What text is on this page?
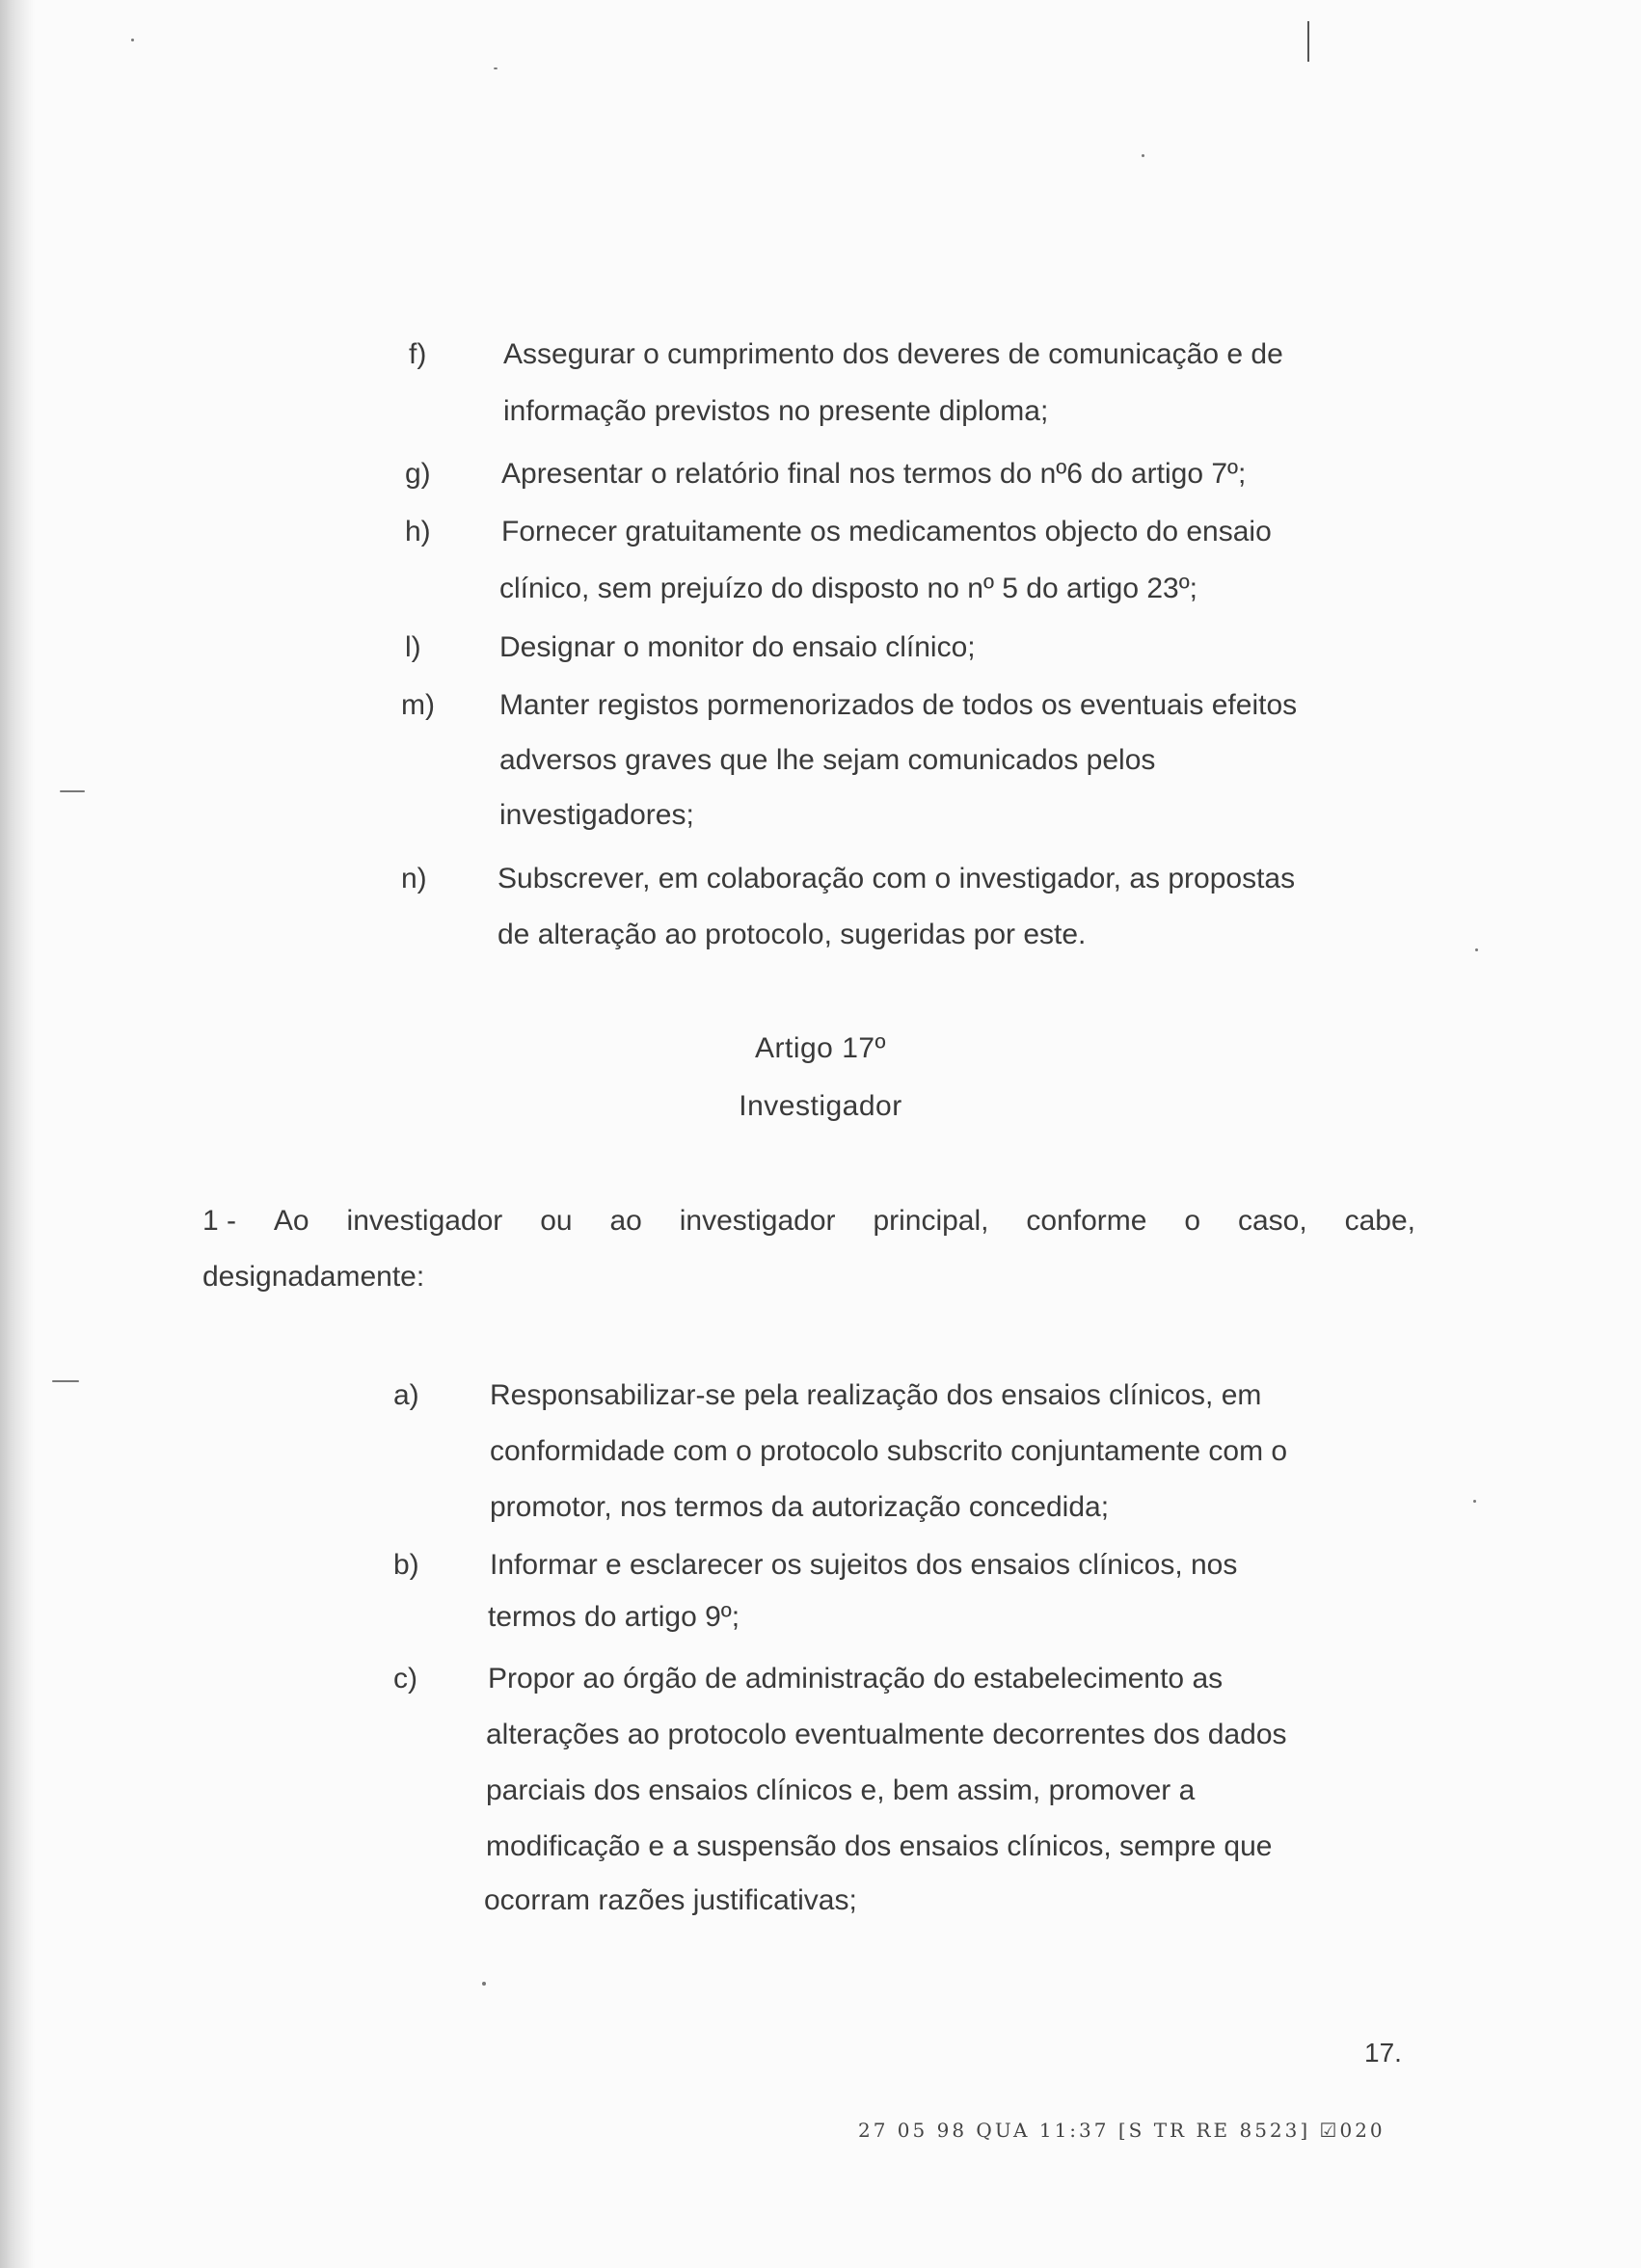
f)	Assegurar o cumprimento dos deveres de comunicação e de
informação previstos no presente diploma;
g) Apresentar o relatório final nos termos do nº6 do artigo 7º;
h) Fornecer gratuitamente os medicamentos objecto do ensaio
clínico, sem prejuízo do disposto no nº 5 do artigo 23º;
l)	Designar o monitor do ensaio clínico;
m) Manter registos pormenorizados de todos os eventuais efeitos
adversos graves que lhe sejam comunicados pelos
investigadores;
n) Subscrever, em colaboração com o investigador, as propostas
de alteração ao protocolo, sugeridas por este.
Artigo 17º
Investigador
1 - Ao investigador ou ao investigador principal, conforme o caso, cabe,
designadamente:
a) Responsabilizar-se pela realização dos ensaios clínicos, em
conformidade com o protocolo subscrito conjuntamente com o
promotor, nos termos da autorização concedida;
b) Informar e esclarecer os sujeitos dos ensaios clínicos, nos
termos do artigo 9º;
c) Propor ao órgão de administração do estabelecimento as
alterações ao protocolo eventualmente decorrentes dos dados
parciais dos ensaios clínicos e, bem assim, promover a
modificação e a suspensão dos ensaios clínicos, sempre que
ocorram razões justificativas;
17.
27 05 98 QUA 11:37 [S TR RE 8523] ☑020
